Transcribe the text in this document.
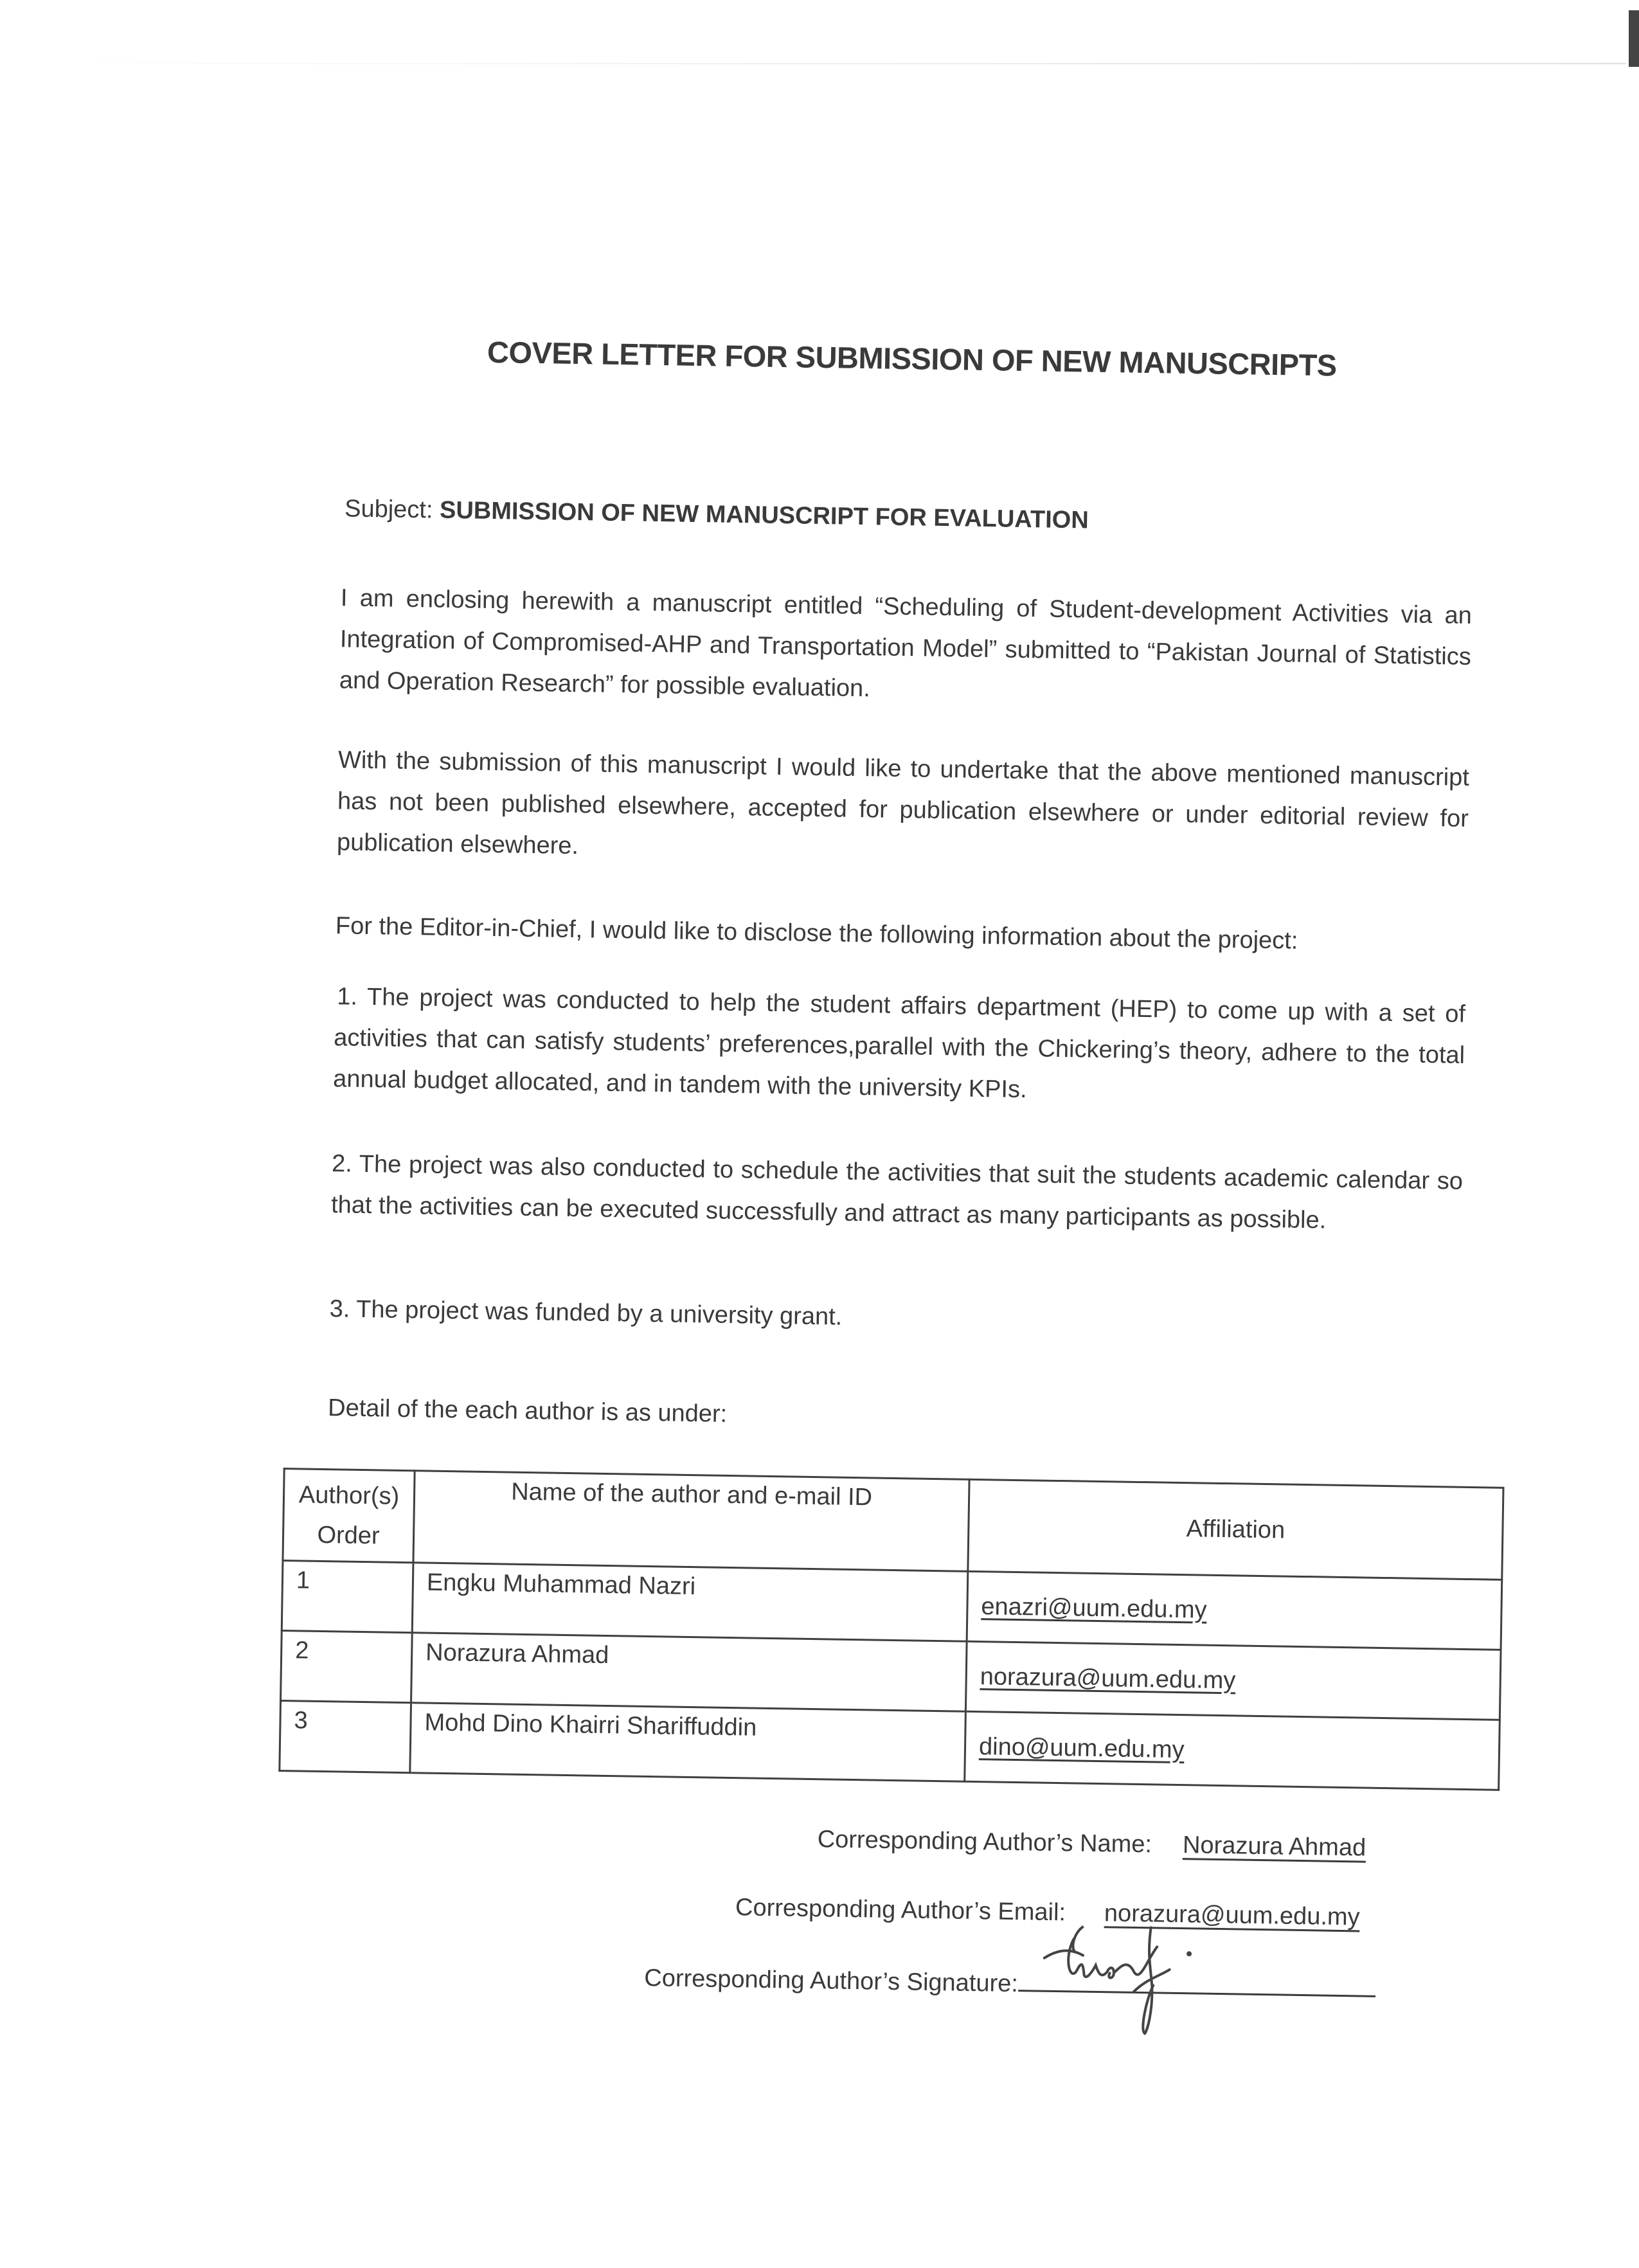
COVER LETTER FOR SUBMISSION OF NEW MANUSCRIPTS
Subject: SUBMISSION OF NEW MANUSCRIPT FOR EVALUATION
I am enclosing herewith a manuscript entitled “Scheduling of Student-development Activities via an Integration of Compromised-AHP and Transportation Model” submitted to “Pakistan Journal of Statistics and Operation Research” for possible evaluation.
With the submission of this manuscript I would like to undertake that the above mentioned manuscript has not been published elsewhere, accepted for publication elsewhere or under editorial review for publication elsewhere.
For the Editor-in-Chief, I would like to disclose the following information about the project:
1. The project was conducted to help the student affairs department (HEP) to come up with a set of activities that can satisfy students’ preferences,parallel with the Chickering’s theory, adhere to the total annual budget allocated, and in tandem with the university KPIs.
2. The project was also conducted to schedule the activities that suit the students academic calendar so that the activities can be executed successfully and attract as many participants as possible.
3. The project was funded by a university grant.
Detail of the each author is as under:
Author(s) Order	Name of the author and e-mail ID	Affiliation
1	Engku Muhammad Nazri	enazri@uum.edu.my
2	Norazura Ahmad	norazura@uum.edu.my
3	Mohd Dino Khairri Shariffuddin	dino@uum.edu.my
Corresponding Author’s Name: Norazura Ahmad
Corresponding Author’s Email: norazura@uum.edu.my
Corresponding Author’s Signature:
